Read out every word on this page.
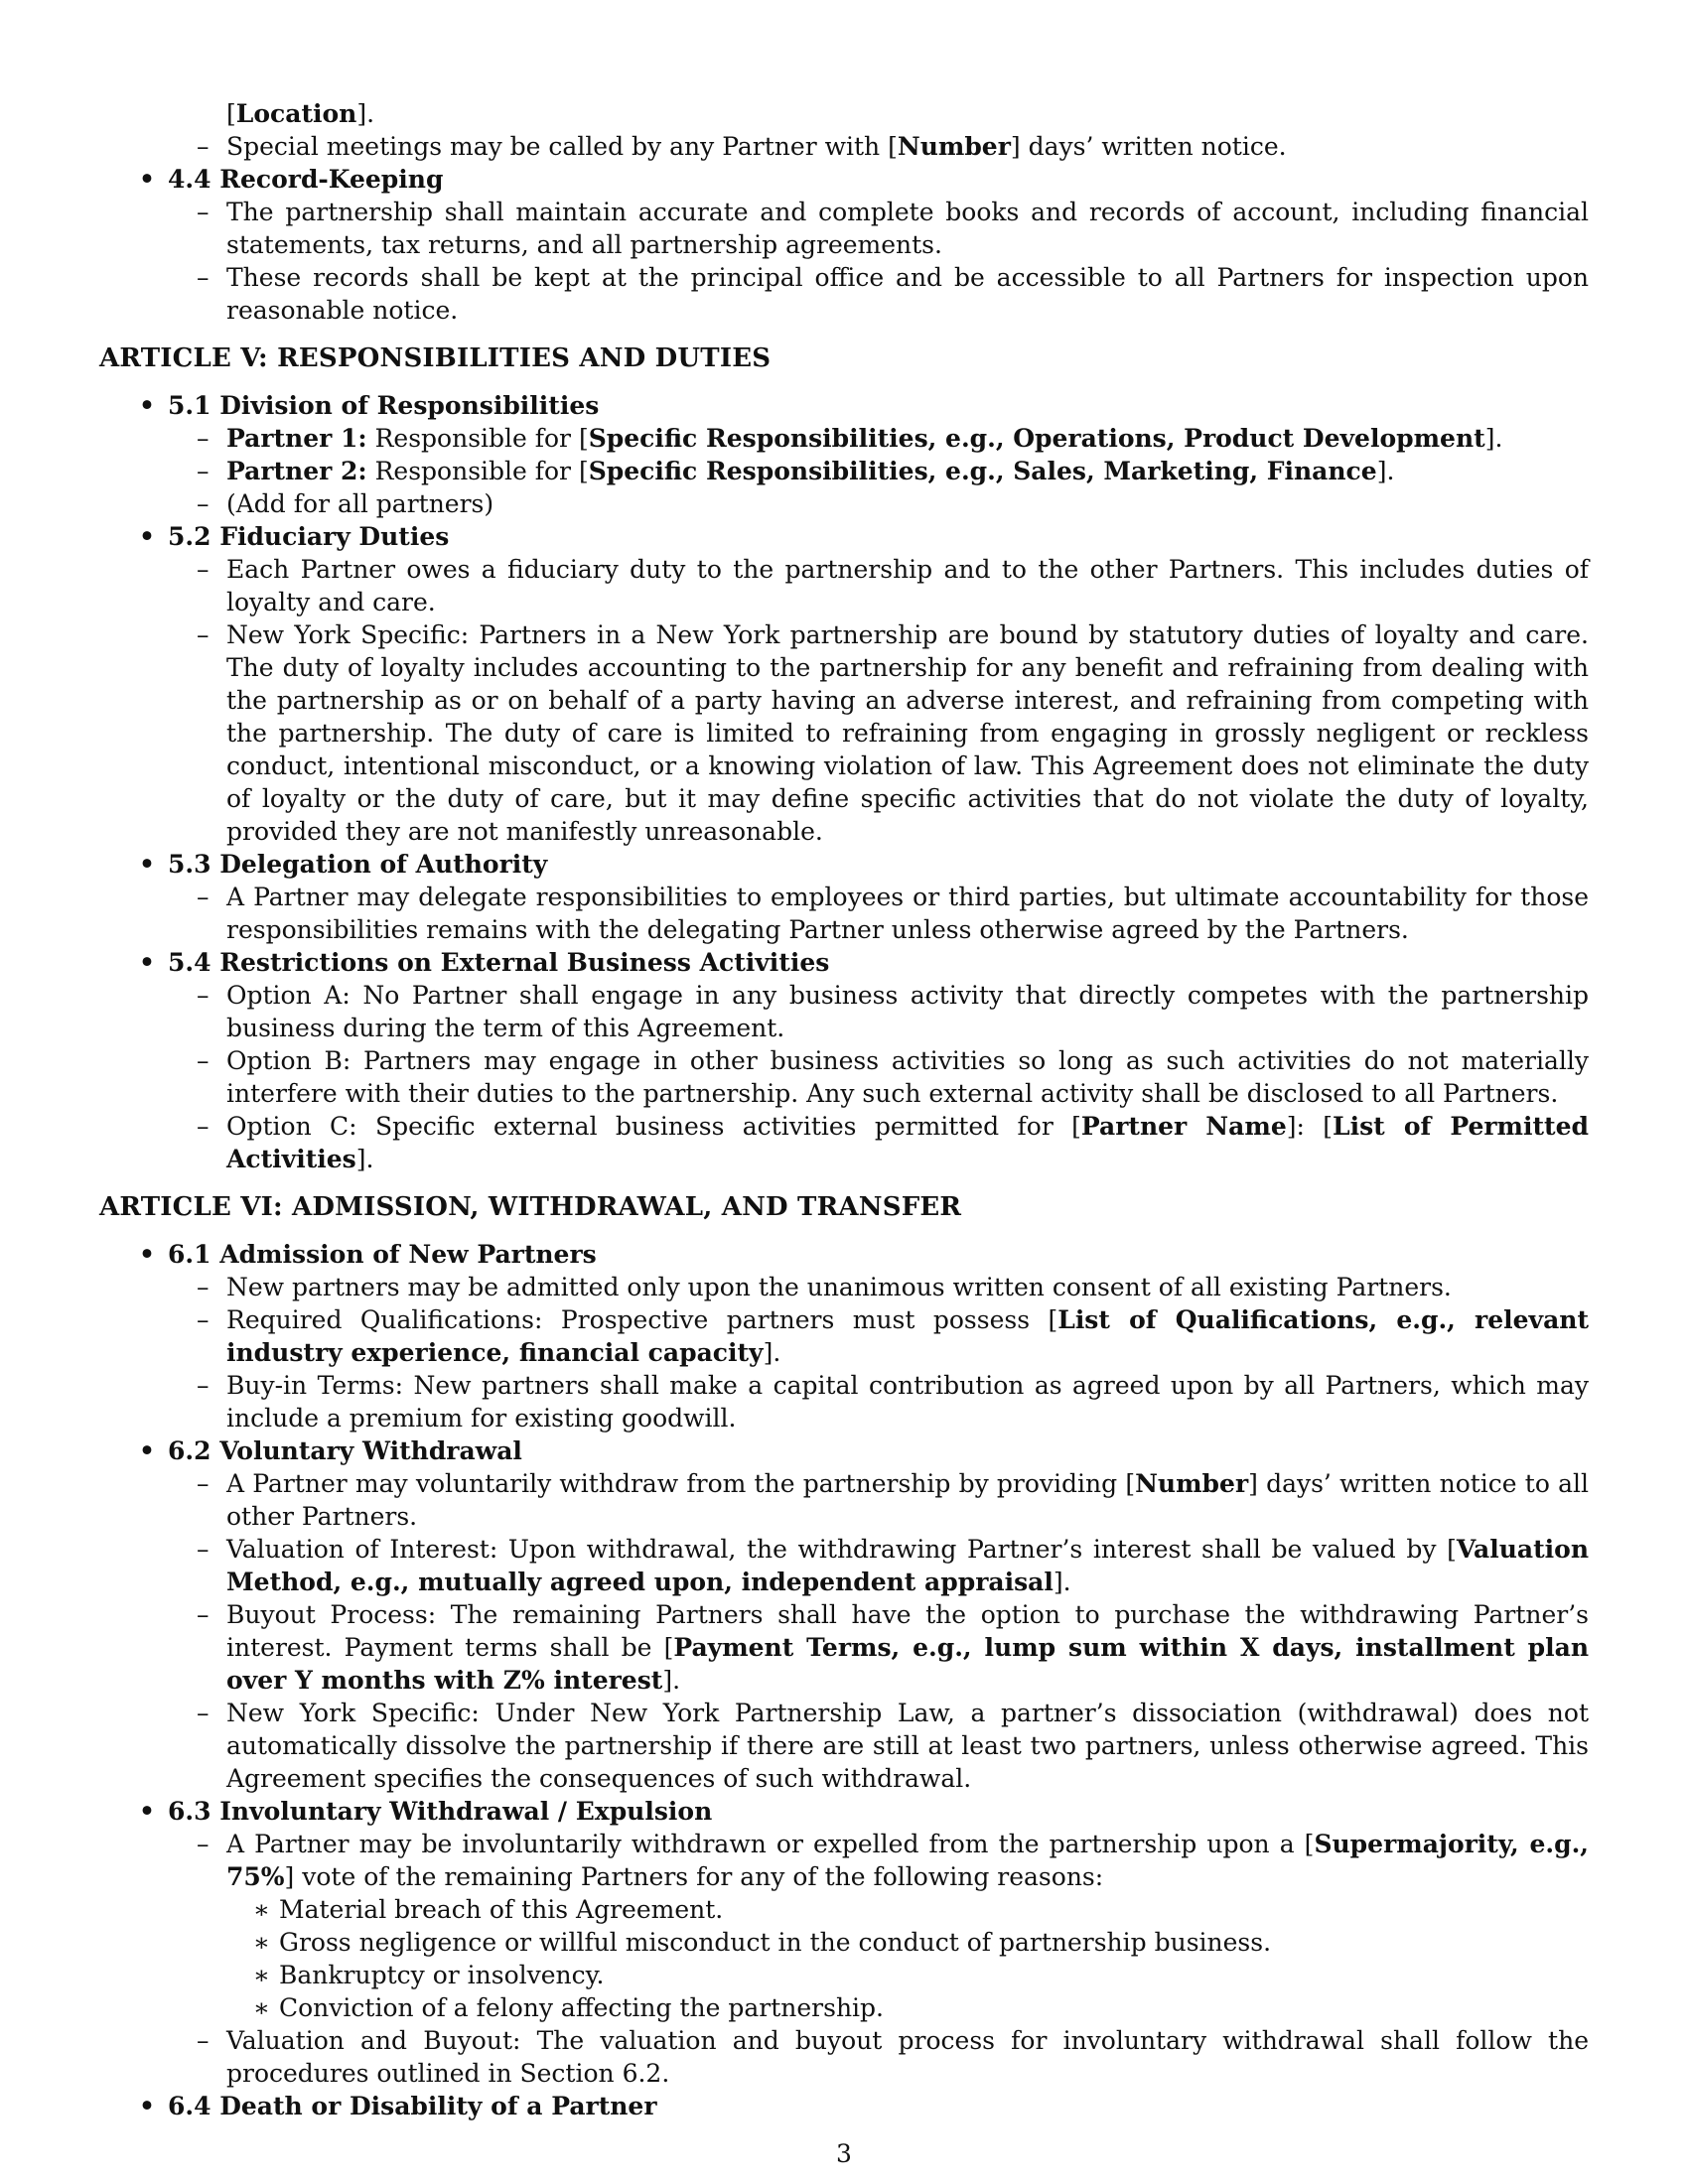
[Location].
– Special meetings may be called by any Partner with [Number] days’ written notice.
• 4.4 Record-Keeping
– The partnership shall maintain accurate and complete books and records of account, including financial statements, tax returns, and all partnership agreements.
– These records shall be kept at the principal office and be accessible to all Partners for inspection upon reasonable notice.
ARTICLE V: RESPONSIBILITIES AND DUTIES
• 5.1 Division of Responsibilities
– Partner 1: Responsible for [Specific Responsibilities, e.g., Operations, Product Development].
– Partner 2: Responsible for [Specific Responsibilities, e.g., Sales, Marketing, Finance].
– (Add for all partners)
• 5.2 Fiduciary Duties
– Each Partner owes a fiduciary duty to the partnership and to the other Partners. This includes duties of loyalty and care.
– New York Specific: Partners in a New York partnership are bound by statutory duties of loyalty and care. The duty of loyalty includes accounting to the partnership for any benefit and refraining from dealing with the partnership as or on behalf of a party having an adverse interest, and refraining from competing with the partnership. The duty of care is limited to refraining from engaging in grossly negligent or reckless conduct, intentional misconduct, or a knowing violation of law. This Agreement does not eliminate the duty of loyalty or the duty of care, but it may define specific activities that do not violate the duty of loyalty, provided they are not manifestly unreasonable.
• 5.3 Delegation of Authority
– A Partner may delegate responsibilities to employees or third parties, but ultimate accountability for those responsibilities remains with the delegating Partner unless otherwise agreed by the Partners.
• 5.4 Restrictions on External Business Activities
– Option A: No Partner shall engage in any business activity that directly competes with the partnership business during the term of this Agreement.
– Option B: Partners may engage in other business activities so long as such activities do not materially interfere with their duties to the partnership. Any such external activity shall be disclosed to all Partners.
– Option C: Specific external business activities permitted for [Partner Name]: [List of Permitted Activities].
ARTICLE VI: ADMISSION, WITHDRAWAL, AND TRANSFER
• 6.1 Admission of New Partners
– New partners may be admitted only upon the unanimous written consent of all existing Partners.
– Required Qualifications: Prospective partners must possess [List of Qualifications, e.g., relevant industry experience, financial capacity].
– Buy-in Terms: New partners shall make a capital contribution as agreed upon by all Partners, which may include a premium for existing goodwill.
• 6.2 Voluntary Withdrawal
– A Partner may voluntarily withdraw from the partnership by providing [Number] days’ written notice to all other Partners.
– Valuation of Interest: Upon withdrawal, the withdrawing Partner’s interest shall be valued by [Valuation Method, e.g., mutually agreed upon, independent appraisal].
– Buyout Process: The remaining Partners shall have the option to purchase the withdrawing Partner’s interest. Payment terms shall be [Payment Terms, e.g., lump sum within X days, installment plan over Y months with Z% interest].
– New York Specific: Under New York Partnership Law, a partner’s dissociation (withdrawal) does not automatically dissolve the partnership if there are still at least two partners, unless otherwise agreed. This Agreement specifies the consequences of such withdrawal.
• 6.3 Involuntary Withdrawal / Expulsion
– A Partner may be involuntarily withdrawn or expelled from the partnership upon a [Supermajority, e.g., 75%] vote of the remaining Partners for any of the following reasons:
∗ Material breach of this Agreement.
∗ Gross negligence or willful misconduct in the conduct of partnership business.
∗ Bankruptcy or insolvency.
∗ Conviction of a felony affecting the partnership.
– Valuation and Buyout: The valuation and buyout process for involuntary withdrawal shall follow the procedures outlined in Section 6.2.
• 6.4 Death or Disability of a Partner
3
